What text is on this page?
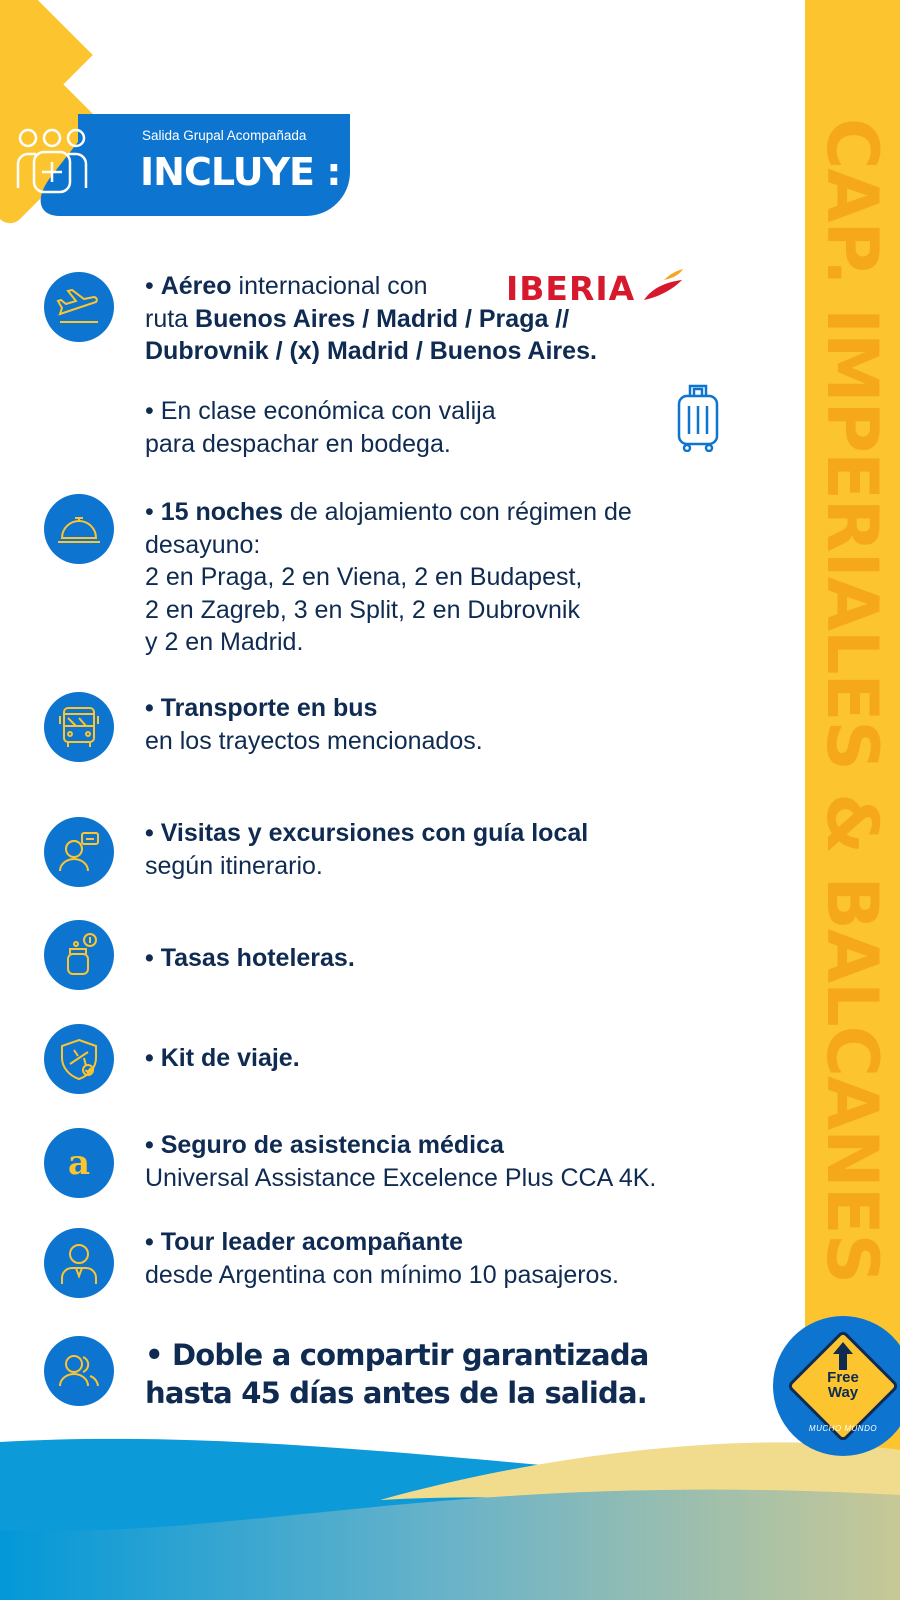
CAP. IMPERIALES & BALCANES
Salida Grupal Acompañada
INCLUYE :
• Aéreo internacional con
ruta Buenos Aires / Madrid / Praga //
Dubrovnik / (x) Madrid / Buenos Aires.
IBERIA
• En clase económica con valija
para despachar en bodega.
• 15 noches de alojamiento con régimen de
desayuno:
2 en Praga, 2 en Viena, 2 en Budapest,
2 en Zagreb, 3 en Split, 2 en Dubrovnik
y 2 en Madrid.
• Transporte en bus
en los trayectos mencionados.
• Visitas y excursiones con guía local
según itinerario.
• Tasas hoteleras.
• Kit de viaje.
a • Seguro de asistencia médica
Universal Assistance Excelence Plus CCA 4K.
• Tour leader acompañante
desde Argentina con mínimo 10 pasajeros.
• Doble a compartir garantizada
hasta 45 días antes de la salida.	Free
Way
MUCHO MUNDO
